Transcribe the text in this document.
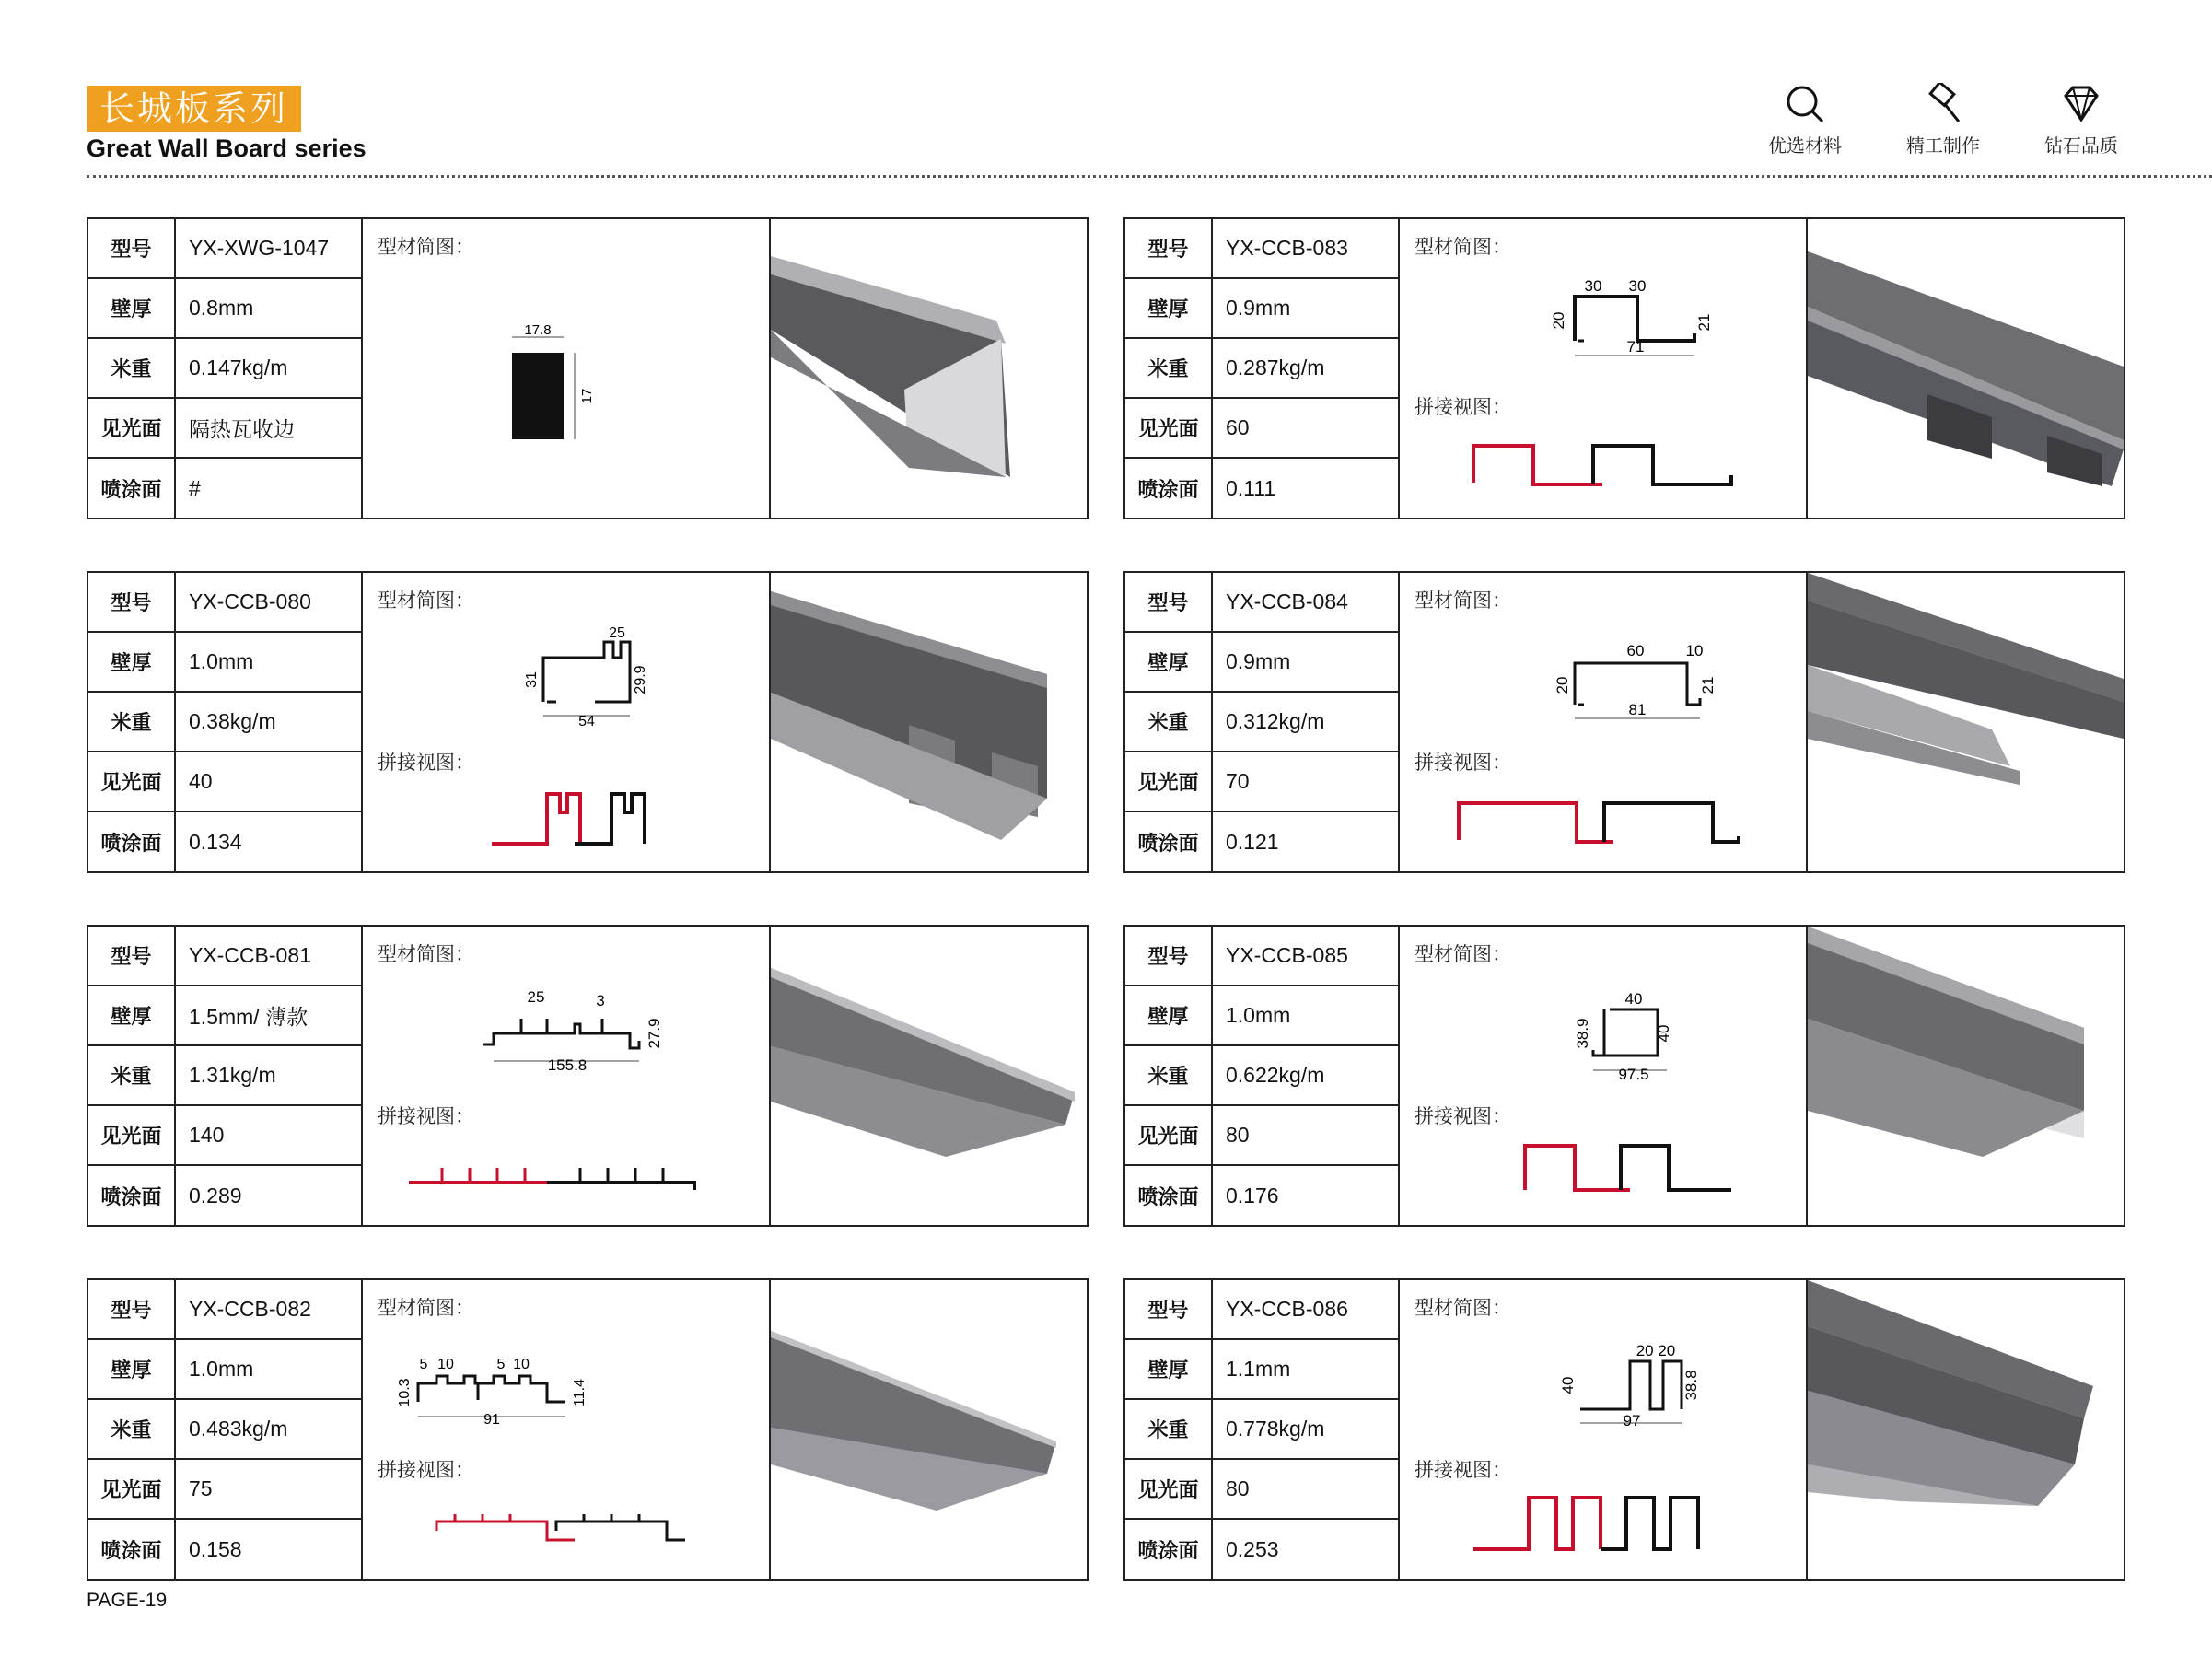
长城板系列
Great Wall Board series	优选材料	精工制作	钻石品质
型号	YX-XWG-1047
壁厚	0.8mm
米重	0.147kg/m
见光面	隔热瓦收边
喷涂面	#
型材简图：
17.8
17
型号	YX-CCB-083
壁厚	0.9mm
米重	0.287kg/m
见光面	60
喷涂面	0.111
型材简图：
拼接视图：
30 30
20	21
71
型号	YX-CCB-080
壁厚	1.0mm
米重	0.38kg/m
见光面	40
喷涂面	0.134
型材简图：
拼接视图：
25
31	29.9
54
型号	YX-CCB-084
壁厚	0.9mm
米重	0.312kg/m
见光面	70
喷涂面	0.121
型材简图：
拼接视图：
60	10
20	21
81
型号	YX-CCB-081
壁厚	1.5mm/ 薄款
米重	1.31kg/m
见光面	140
喷涂面	0.289
型材简图：
拼接视图：
25	3
27.9
155.8
型号	YX-CCB-085
壁厚	1.0mm
米重	0.622kg/m
见光面	80
喷涂面	0.176
型材简图：
拼接视图：
40
38.9	40
97.5
型号	YX-CCB-082
壁厚	1.0mm
米重	0.483kg/m
见光面	75
喷涂面	0.158
型材简图：
拼接视图：
5 10	5 10
10.3	11.4
91
型号	YX-CCB-086
壁厚	1.1mm
米重	0.778kg/m
见光面	80
喷涂面	0.253
型材简图：
拼接视图：
20 20
40	38.8
97
PAGE-19
